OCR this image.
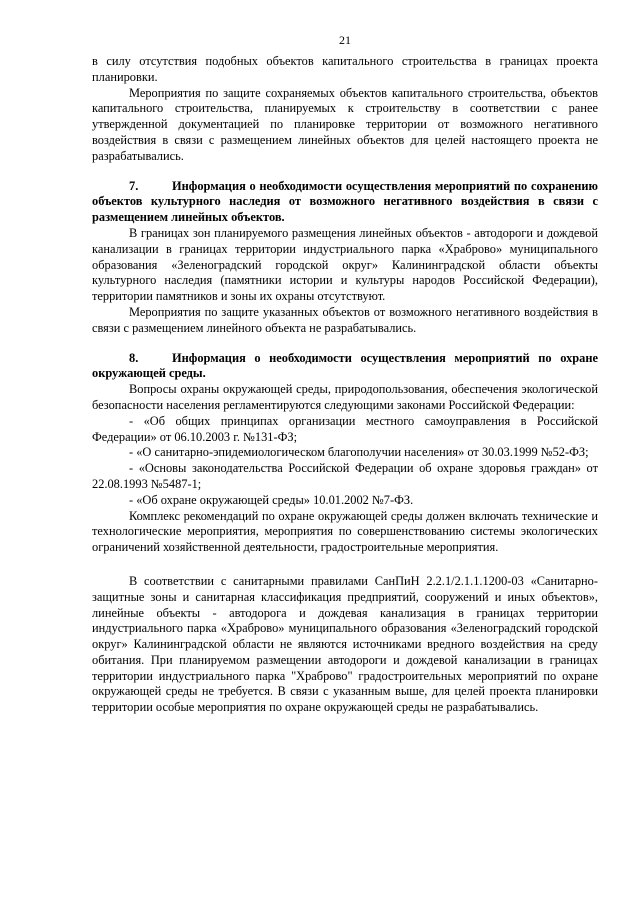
21

в силу отсутствия подобных объектов капитального строительства в границах проекта планировки.

Мероприятия по защите сохраняемых объектов капитального строительства, объектов капитального строительства, планируемых к строительству в соответствии с ранее утвержденной документацией по планировке территории от возможного негативного воздействия в связи с размещением линейных объектов для целей настоящего проекта не разрабатывались.

7.	Информация о необходимости осуществления мероприятий по сохранению объектов культурного наследия от возможного негативного воздействия в связи с размещением линейных объектов.

В границах зон планируемого размещения линейных объектов - автодороги и дождевой канализации в границах территории индустриального парка «Храброво» муниципального образования «Зеленоградский городской округ» Калининградской области объекты культурного наследия (памятники истории и культуры народов Российской Федерации), территории памятников и зоны их охраны отсутствуют.

Мероприятия по защите указанных объектов от возможного негативного воздействия в связи с размещением линейного объекта не разрабатывались.

8.	Информация о необходимости осуществления мероприятий по охране окружающей среды.

Вопросы охраны окружающей среды, природопользования, обеспечения экологической безопасности населения регламентируются следующими законами Российской Федерации:

- «Об общих принципах организации местного самоуправления в Российской Федерации» от 06.10.2003 г. №131-ФЗ;

- «О санитарно-эпидемиологическом благополучии населения» от 30.03.1999 №52-ФЗ;

- «Основы законодательства Российской Федерации об охране здоровья граждан» от 22.08.1993 №5487-1;

- «Об охране окружающей среды» 10.01.2002 №7-ФЗ.

Комплекс рекомендаций по охране окружающей среды должен включать технические и технологические мероприятия, мероприятия по совершенствованию системы экологических ограничений хозяйственной деятельности, градостроительные мероприятия.

В соответствии с санитарными правилами СанПиН 2.2.1/2.1.1.1200-03 «Санитарно-защитные зоны и санитарная классификация предприятий, сооружений и иных объектов», линейные объекты - автодорога и дождевая канализация в границах территории индустриального парка «Храброво» муниципального образования «Зеленоградский городской округ» Калининградской области не являются источниками вредного воздействия на среду обитания. При планируемом размещении автодороги и дождевой канализации в границах территории индустриального парка "Храброво" градостроительных мероприятий по охране окружающей среды не требуется. В связи с указанным выше, для целей проекта планировки территории особые мероприятия по охране окружающей среды не разрабатывались.
